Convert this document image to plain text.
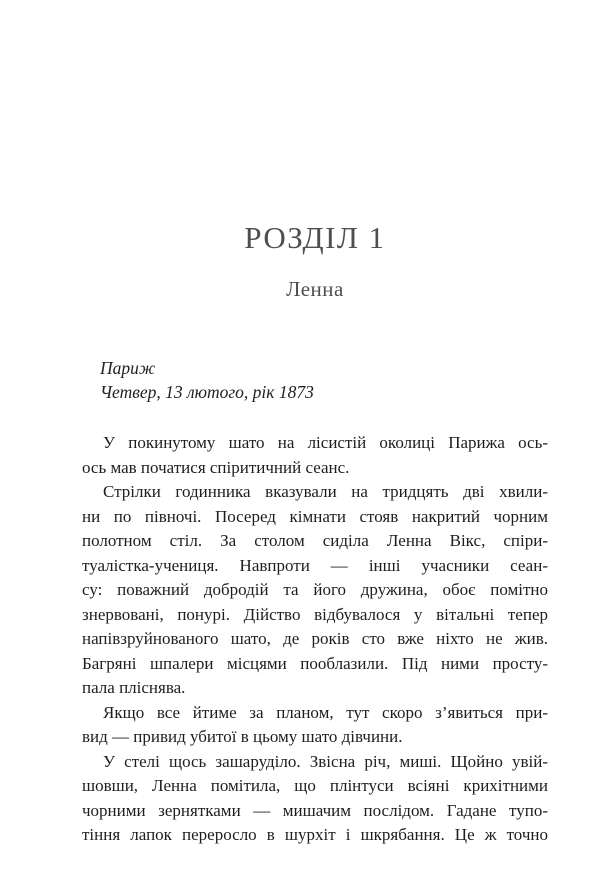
РОЗДІЛ 1
Ленна
Париж
Четвер, 13 лютого, рік 1873

У покинутому шато на лісистій околиці Парижа ось-
ось мав початися спіритичний сеанс.

Стрілки годинника вказували на тридцять дві хвили-
ни по півночі. Посеред кімнати стояв накритий чорним
полотном стіл. За столом сиділа Ленна Вікс, спіри-
туалістка-учениця. Навпроти — інші учасники сеан-
су: поважний добродій та його дружина, обоє помітно
знервовані, понурі. Дійство відбувалося у вітальні тепер
напівзруйнованого шато, де років сто вже ніхто не жив.
Багряні шпалери місцями пооблазили. Під ними просту-
пала пліснява.

Якщо все йтиме за планом, тут скоро з’явиться при-
вид — привид убитої в цьому шато дівчини.

У стелі щось зашаруділо. Звісна річ, миші. Щойно увій-
шовши, Ленна помітила, що плінтуси всіяні крихітними
чорними зернятками — мишачим послідом. Гадане тупо-
тіння лапок переросло в шурхіт і шкрябання. Це ж точно
